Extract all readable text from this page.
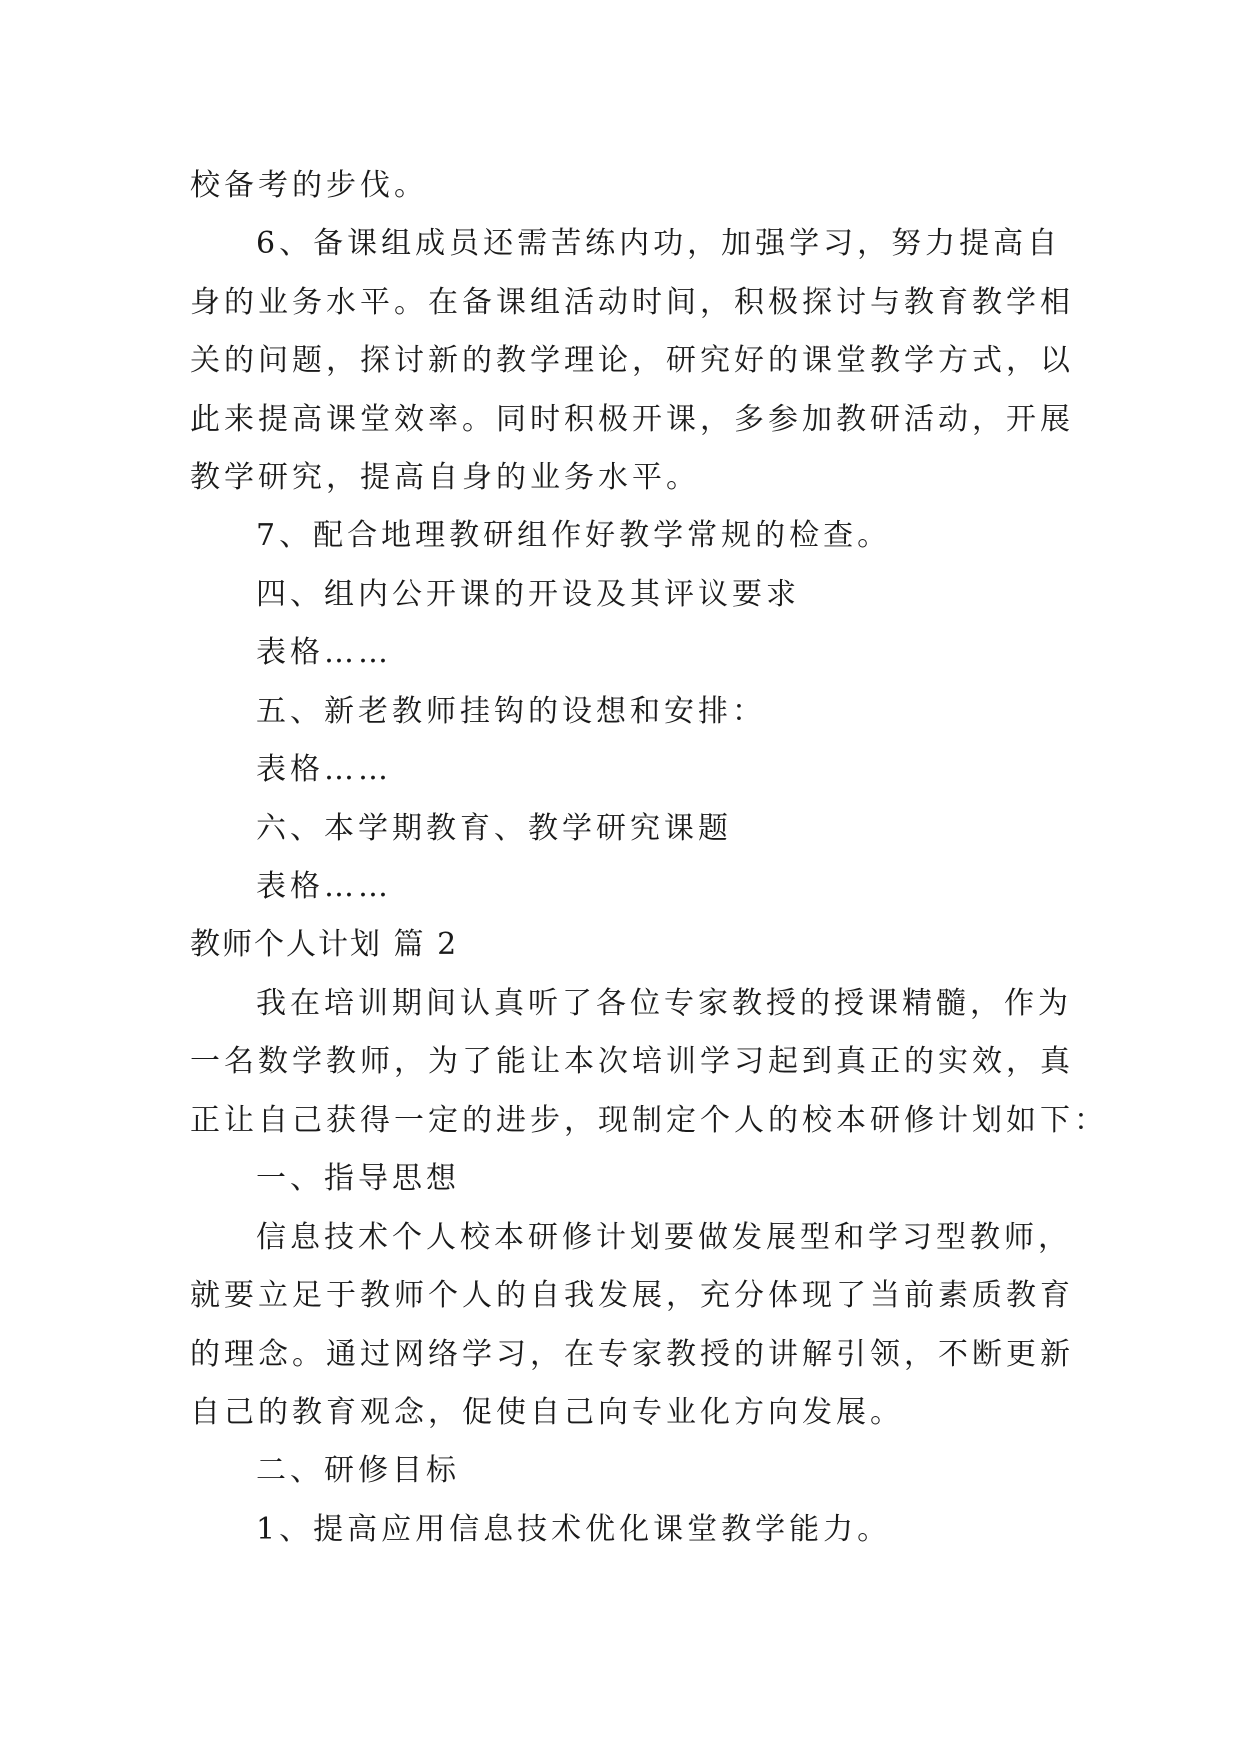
校备考的步伐。
6、备课组成员还需苦练内功，加强学习，努力提高自
身的业务水平。在备课组活动时间，积极探讨与教育教学相
关的问题，探讨新的教学理论，研究好的课堂教学方式，以
此来提高课堂效率。同时积极开课，多参加教研活动，开展
教学研究，提高自身的业务水平。
7、配合地理教研组作好教学常规的检查。
四、组内公开课的开设及其评议要求
表格……
五、新老教师挂钩的设想和安排：
表格……
六、本学期教育、教学研究课题
表格……
教师个人计划 篇 2
我在培训期间认真听了各位专家教授的授课精髓，作为
一名数学教师，为了能让本次培训学习起到真正的实效，真
正让自己获得一定的进步，现制定个人的校本研修计划如下：
一、指导思想
信息技术个人校本研修计划要做发展型和学习型教师，
就要立足于教师个人的自我发展，充分体现了当前素质教育
的理念。通过网络学习，在专家教授的讲解引领，不断更新
自己的教育观念，促使自己向专业化方向发展。
二、研修目标
1、提高应用信息技术优化课堂教学能力。
